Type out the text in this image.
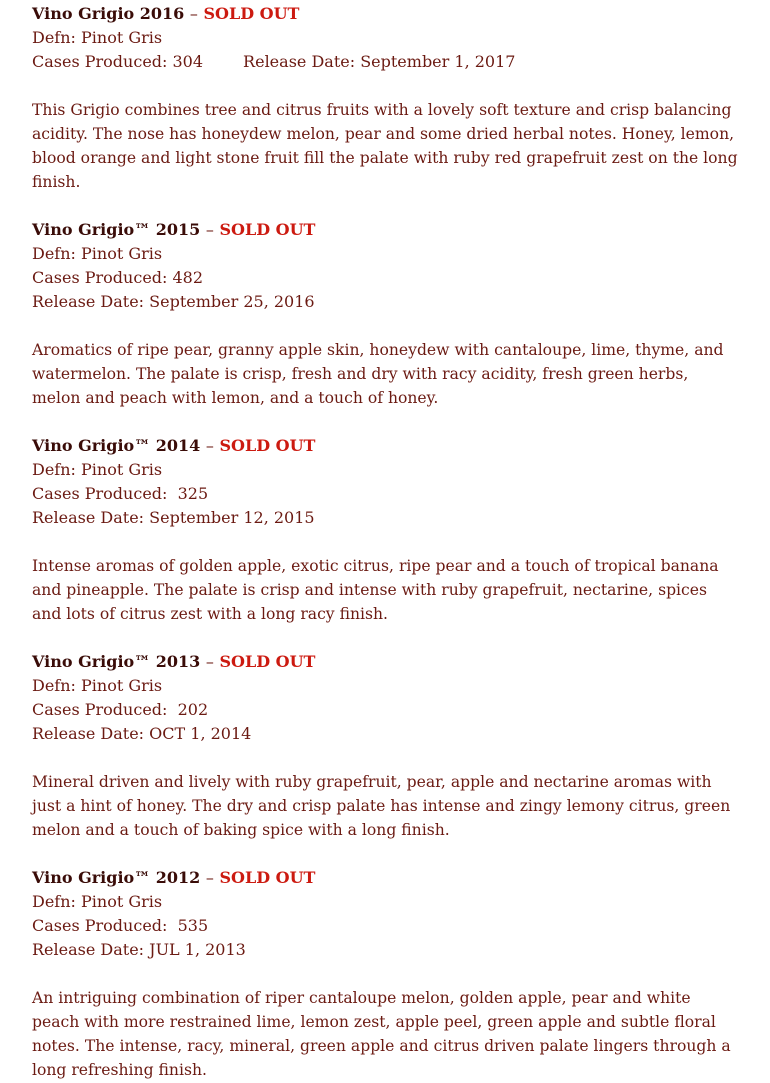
Vino Grigio 2016 – SOLD OUT

Defn: Pinot Gris

Cases Produced: 304	Release Date: September 1, 2017

This Grigio combines tree and citrus fruits with a lovely soft texture and crisp balancing acidity. The nose has honeydew melon, pear and some dried herbal notes. Honey, lemon, blood orange and light stone fruit fill the palate with ruby red grapefruit zest on the long finish.

Vino Grigio™ 2015 – SOLD OUT

Defn: Pinot Gris

Cases Produced: 482

Release Date: September 25, 2016

Aromatics of ripe pear, granny apple skin, honeydew with cantaloupe, lime, thyme, and watermelon. The palate is crisp, fresh and dry with racy acidity, fresh green herbs, melon and peach with lemon, and a touch of honey.

Vino Grigio™ 2014 – SOLD OUT

Defn: Pinot Gris

Cases Produced:  325

Release Date: September 12, 2015

Intense aromas of golden apple, exotic citrus, ripe pear and a touch of tropical banana and pineapple. The palate is crisp and intense with ruby grapefruit, nectarine, spices and lots of citrus zest with a long racy finish.

Vino Grigio™ 2013 – SOLD OUT

Defn: Pinot Gris

Cases Produced:  202

Release Date: OCT 1, 2014

Mineral driven and lively with ruby grapefruit, pear, apple and nectarine aromas with just a hint of honey. The dry and crisp palate has intense and zingy lemony citrus, green melon and a touch of baking spice with a long finish.

Vino Grigio™ 2012 – SOLD OUT

Defn: Pinot Gris

Cases Produced:  535

Release Date: JUL 1, 2013

An intriguing combination of riper cantaloupe melon, golden apple, pear and white peach with more restrained lime, lemon zest, apple peel, green apple and subtle floral notes. The intense, racy, mineral, green apple and citrus driven palate lingers through a long refreshing finish.
